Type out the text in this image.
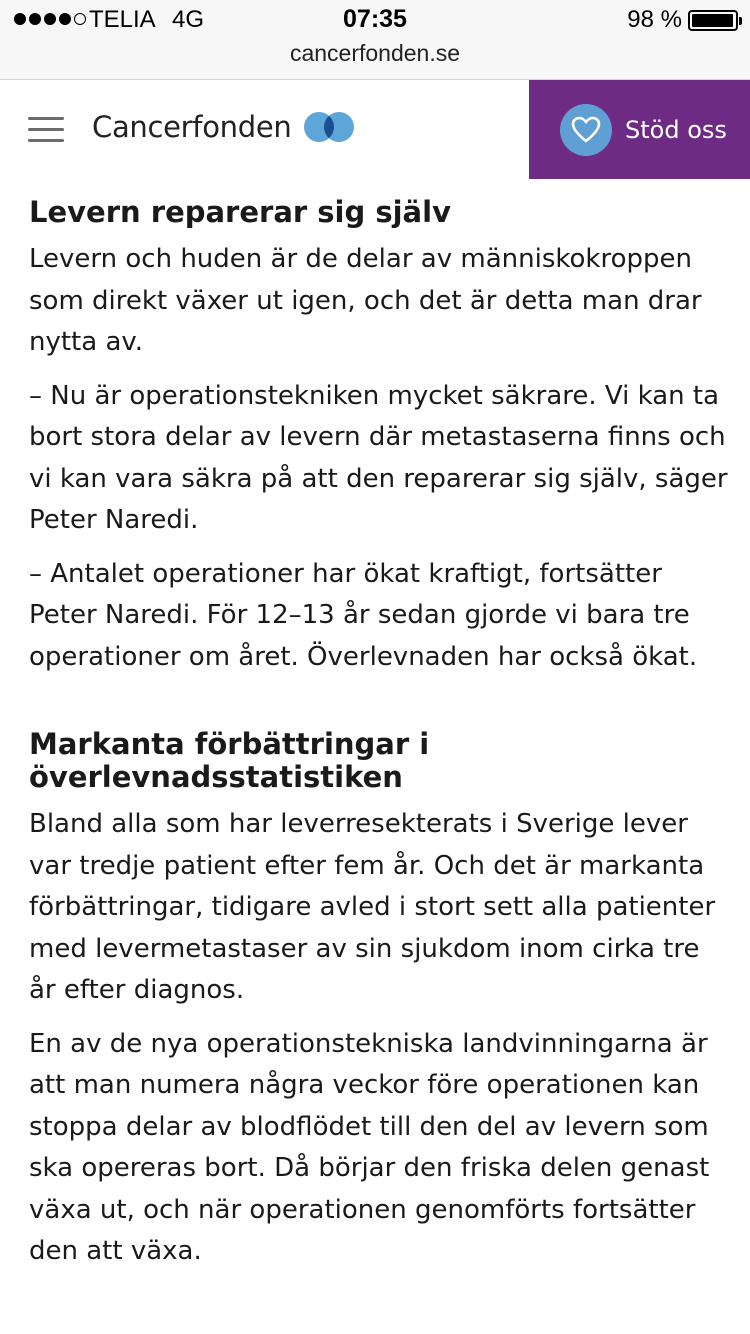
TELIA 4G	07:35	98 %
cancerfonden.se
Cancerfonden	Stöd oss
Levern reparerar sig själv

Levern och huden är de delar av människokroppen som direkt växer ut igen, och det är detta man drar nytta av.

– Nu är operationstekniken mycket säkrare. Vi kan ta bort stora delar av levern där metastaserna finns och vi kan vara säkra på att den reparerar sig själv, säger Peter Naredi.

– Antalet operationer har ökat kraftigt, fortsätter Peter Naredi. För 12–13 år sedan gjorde vi bara tre operationer om året. Överlevnaden har också ökat.

Markanta förbättringar i överlevnadsstatistiken

Bland alla som har leverresekterats i Sverige lever var tredje patient efter fem år. Och det är markanta förbättringar, tidigare avled i stort sett alla patienter med levermetastaser av sin sjukdom inom cirka tre år efter diagnos.

En av de nya operationstekniska landvinningarna är att man numera några veckor före operationen kan stoppa delar av blodflödet till den del av levern som ska opereras bort. Då börjar den friska delen genast växa ut, och när operationen genomförts fortsätter den att växa.
